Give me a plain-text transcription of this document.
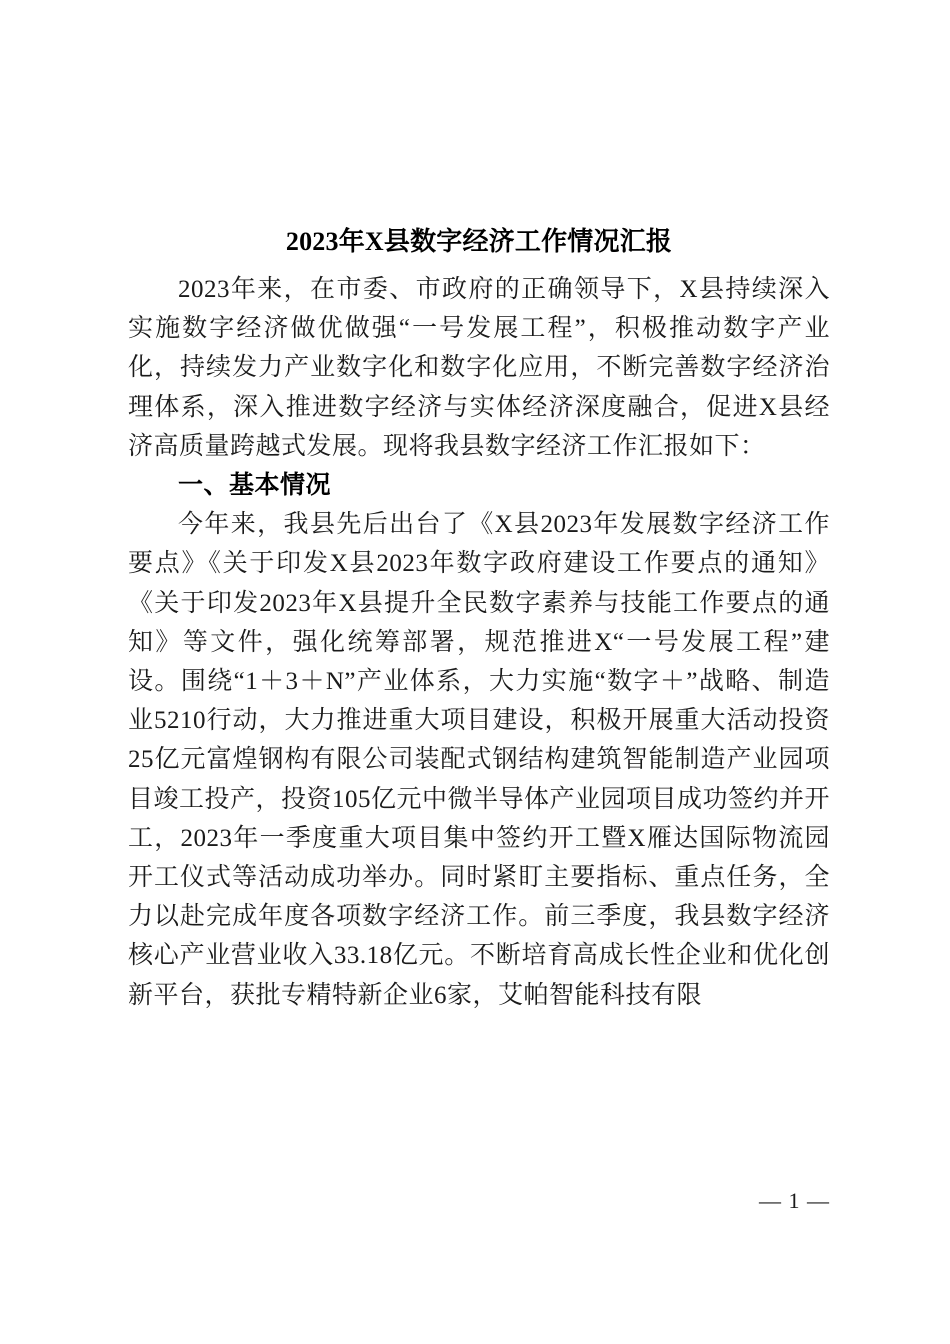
2023年X县数字经济工作情况汇报

2023年来，在市委、市政府的正确领导下，X县持续深入实施数字经济做优做强“一号发展工程”，积极推动数字产业化，持续发力产业数字化和数字化应用，不断完善数字经济治理体系，深入推进数字经济与实体经济深度融合，促进X县经济高质量跨越式发展。现将我县数字经济工作汇报如下：

一、基本情况

今年来，我县先后出台了《X县2023年发展数字经济工作要点》《关于印发X县2023年数字政府建设工作要点的通知》《关于印发2023年X县提升全民数字素养与技能工作要点的通知》等文件，强化统筹部署，规范推进X“一号发展工程”建设。围绕“1＋3＋N”产业体系，大力实施“数字＋”战略、制造业5210行动，大力推进重大项目建设，积极开展重大活动投资25亿元富煌钢构有限公司装配式钢结构建筑智能制造产业园项目竣工投产，投资105亿元中微半导体产业园项目成功签约并开工，2023年一季度重大项目集中签约开工暨X雁达国际物流园开工仪式等活动成功举办。同时紧盯主要指标、重点任务，全力以赴完成年度各项数字经济工作。前三季度，我县数字经济核心产业营业收入33.18亿元。不断培育高成长性企业和优化创新平台，获批专精特新企业6家，艾帕智能科技有限

— 1 —
